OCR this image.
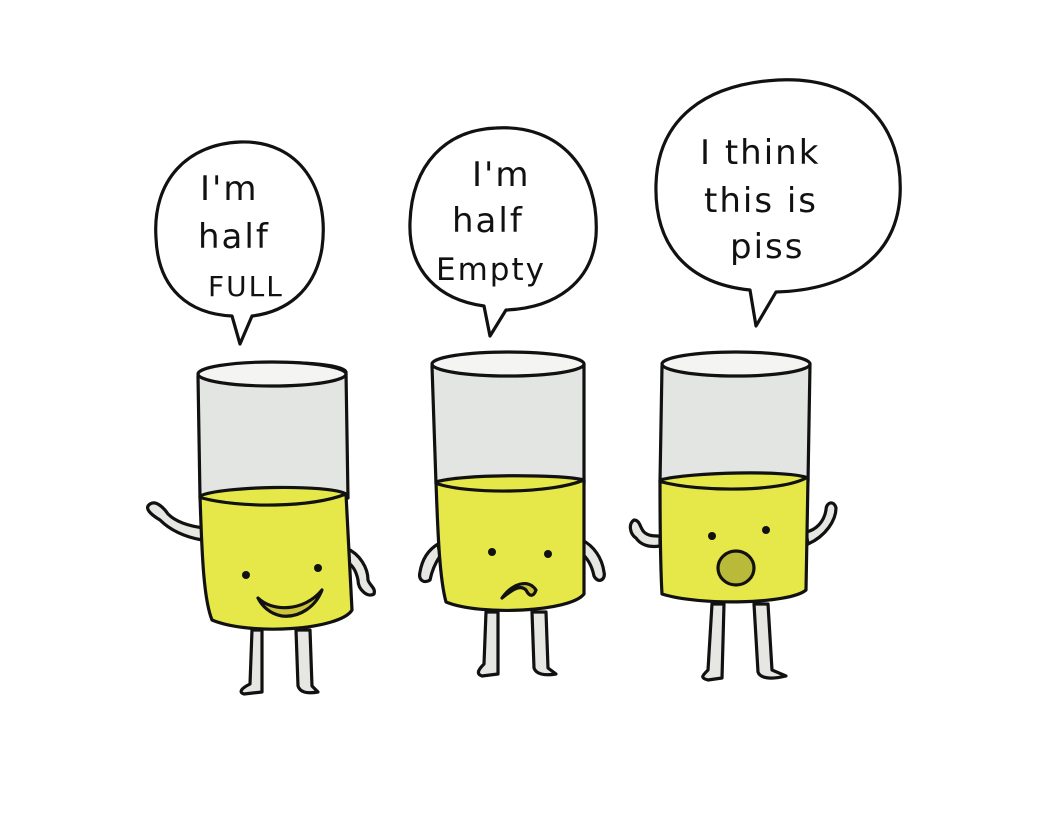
I'm
half
FULL
I'm
half
Empty
I think
this is
piss
